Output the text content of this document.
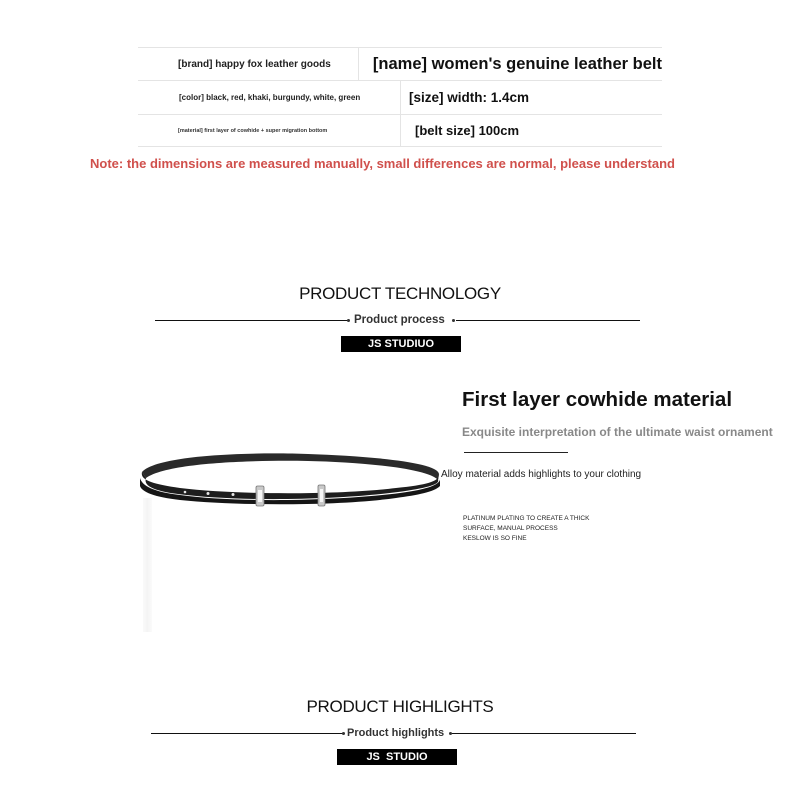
[brand] happy fox leather goods	[name] women's genuine leather belt
[color] black, red, khaki, burgundy, white, green	[size] width: 1.4cm
[material] first layer of cowhide + super migration bottom	[belt size] 100cm
Note: the dimensions are measured manually, small differences are normal, please understand
PRODUCT TECHNOLOGY
Product process
JS STUDIUO
First layer cowhide material
Exquisite interpretation of the ultimate waist ornament
Alloy material adds highlights to your clothing
PLATINUM PLATING TO CREATE A THICK
SURFACE, MANUAL PROCESS
KESLOW IS SO FINE
PRODUCT HIGHLIGHTS
Product highlights
JS  STUDIO
